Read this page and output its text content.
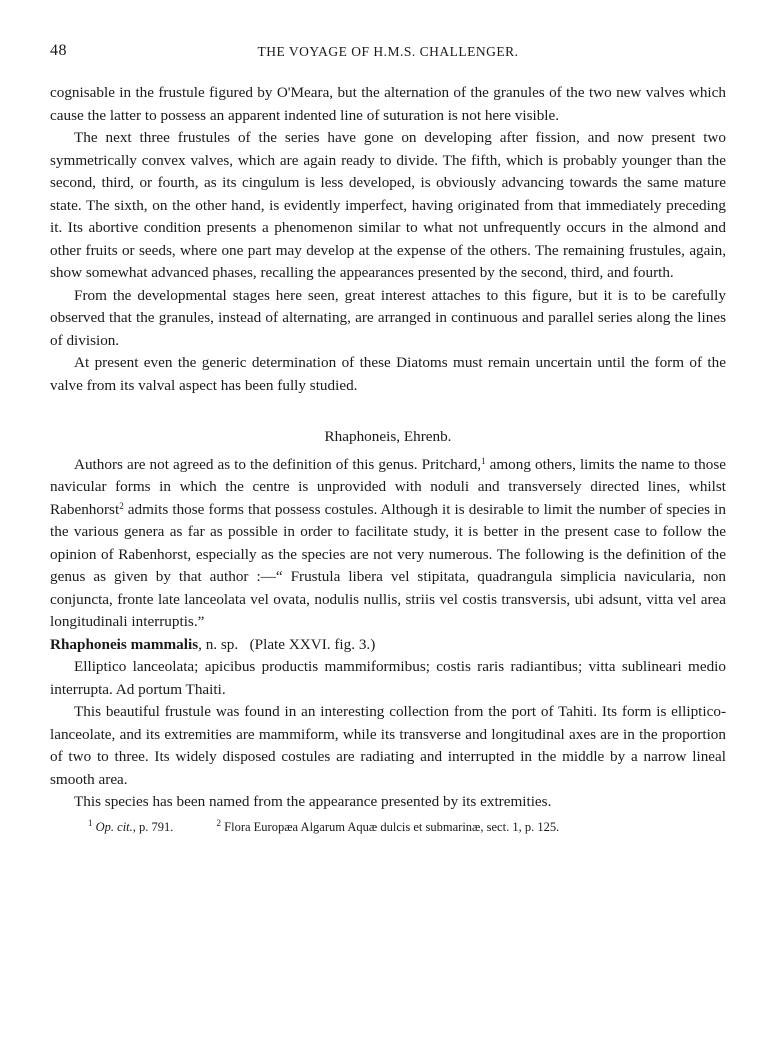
48	THE VOYAGE OF H.M.S. CHALLENGER.

cognisable in the frustule figured by O'Meara, but the alternation of the granules of the two new valves which cause the latter to possess an apparent indented line of suturation is not here visible.

The next three frustules of the series have gone on developing after fission, and now present two symmetrically convex valves, which are again ready to divide. The fifth, which is probably younger than the second, third, or fourth, as its cingulum is less developed, is obviously advancing towards the same mature state. The sixth, on the other hand, is evidently imperfect, having originated from that immediately preceding it. Its abortive condition presents a phenomenon similar to what not unfrequently occurs in the almond and other fruits or seeds, where one part may develop at the expense of the others. The remaining frustules, again, show somewhat advanced phases, recalling the appearances presented by the second, third, and fourth.

From the developmental stages here seen, great interest attaches to this figure, but it is to be carefully observed that the granules, instead of alternating, are arranged in continuous and parallel series along the lines of division.

At present even the generic determination of these Diatoms must remain uncertain until the form of the valve from its valval aspect has been fully studied.

Rhaphoneis, Ehrenb.

Authors are not agreed as to the definition of this genus. Pritchard,$^1$ among others, limits the name to those navicular forms in which the centre is unprovided with noduli and transversely directed lines, whilst Rabenhorst$^2$ admits those forms that possess costules. Although it is desirable to limit the number of species in the various genera as far as possible in order to facilitate study, it is better in the present case to follow the opinion of Rabenhorst, especially as the species are not very numerous. The following is the definition of the genus as given by that author :—“ Frustula libera vel stipitata, quadrangula simplicia navicularia, non conjuncta, fronte late lanceolata vel ovata, nodulis nullis, striis vel costis transversis, ubi adsunt, vitta vel area longitudinali interruptis.”

Rhaphoneis mammalis, n. sp. (Plate XXVI. fig. 3.)

Elliptico lanceolata; apicibus productis mammiformibus; costis raris radiantibus; vitta sublineari medio interrupta. Ad portum Thaiti.

This beautiful frustule was found in an interesting collection from the port of Tahiti. Its form is elliptico-lanceolate, and its extremities are mammiform, while its transverse and longitudinal axes are in the proportion of two to three. Its widely disposed costules are radiating and interrupted in the middle by a narrow lineal smooth area.

This species has been named from the appearance presented by its extremities.

$^1$ Op. cit., p. 791.	$^2$ Flora Europæa Algarum Aquæ dulcis et submarinæ, sect. 1, p. 125.
